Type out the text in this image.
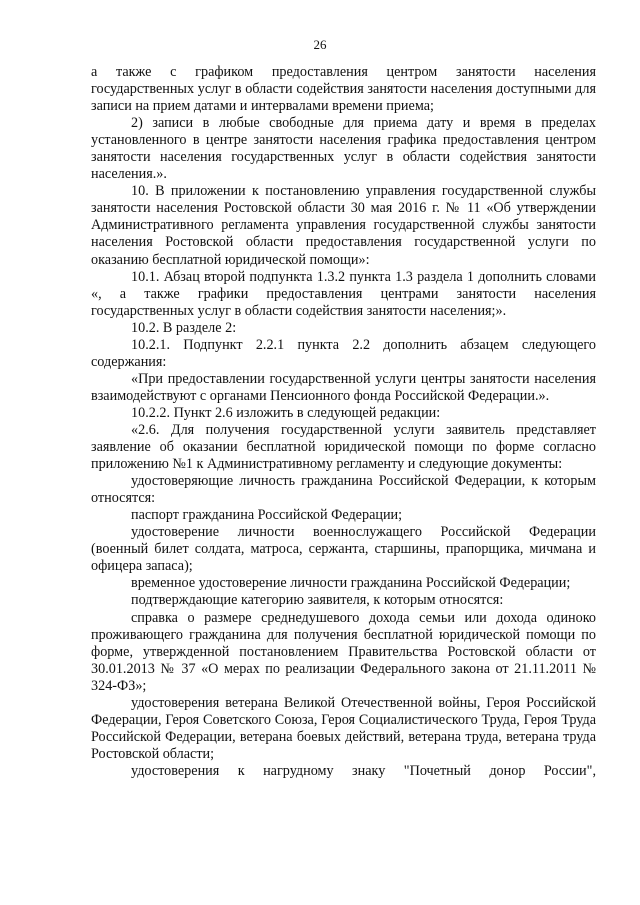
26

а также с графиком предоставления центром занятости населения государственных услуг в области содействия занятости населения доступными для записи на прием датами и интервалами времени приема;

2) записи в любые свободные для приема дату и время в пределах установленного в центре занятости населения графика предоставления центром занятости населения государственных услуг в области содействия занятости населения.».

10. В приложении к постановлению управления государственной службы занятости населения Ростовской области 30 мая 2016 г. № 11 «Об утверждении Административного регламента управления государственной службы занятости населения Ростовской области предоставления государственной услуги по оказанию бесплатной юридической помощи»:

10.1. Абзац второй подпункта 1.3.2 пункта 1.3 раздела 1 дополнить словами «, а также графики предоставления центрами занятости населения государственных услуг в области содействия занятости населения;».

10.2. В разделе 2:

10.2.1. Подпункт 2.2.1 пункта 2.2 дополнить абзацем следующего содержания:

«При предоставлении государственной услуги центры занятости населения взаимодействуют с органами Пенсионного фонда Российской Федерации.».

10.2.2. Пункт 2.6 изложить в следующей редакции:

«2.6. Для получения государственной услуги заявитель представляет заявление об оказании бесплатной юридической помощи по форме согласно приложению №1 к Административному регламенту и следующие документы:

удостоверяющие личность гражданина Российской Федерации, к которым относятся:

паспорт гражданина Российской Федерации;

удостоверение личности военнослужащего Российской Федерации (военный билет солдата, матроса, сержанта, старшины, прапорщика, мичмана и офицера запаса);

временное удостоверение личности гражданина Российской Федерации;

подтверждающие категорию заявителя, к которым относятся:

справка о размере среднедушевого дохода семьи или дохода одиноко проживающего гражданина для получения бесплатной юридической помощи по форме, утвержденной постановлением Правительства Ростовской области от 30.01.2013 № 37 «О мерах по реализации Федерального закона от 21.11.2011 № 324-ФЗ»;

удостоверения ветерана Великой Отечественной войны, Героя Российской Федерации, Героя Советского Союза, Героя Социалистического Труда, Героя Труда Российской Федерации, ветерана боевых действий, ветерана труда, ветерана труда Ростовской области;

удостоверения к нагрудному знаку "Почетный донор России",
